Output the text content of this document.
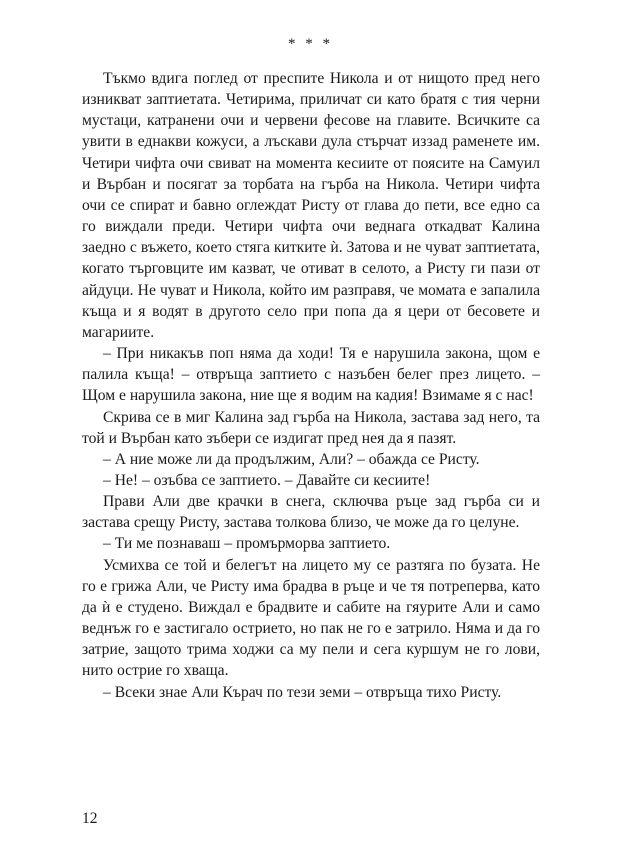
* * *

Тъкмо вдига поглед от преспите Никола и от нищото пред него изникват заптиетата. Четирима, приличат си като братя с тия черни мустаци, катранени очи и червени фесове на главите. Всичките са увити в еднакви кожуси, а лъскави дула стърчат иззад раменете им. Четири чифта очи свиват на момента кесиите от поясите на Самуил и Върбан и посягат за торбата на гърба на Никола. Четири чифта очи се спират и бавно оглеждат Ристу от глава до пети, все едно са го виждали преди. Четири чифта очи веднага откадват Калина заедно с въжето, което стяга китките ѝ. Затова и не чуват заптиетата, когато търговците им казват, че отиват в селото, а Ристу ги пази от айдуци. Не чуват и Никола, който им разправя, че момата е запалила къща и я водят в другото село при попа да я цери от бесовете и магариите.

– При никакъв поп няма да ходи! Тя е нарушила закона, щом е палила къща! – отвръща заптието с назъбен белег през лицето. – Щом е нарушила закона, ние ще я водим на кадия! Взимаме я с нас!

Скрива се в миг Калина зад гърба на Никола, застава зад него, та той и Върбан като зъбери се издигат пред нея да я пазят.

– А ние може ли да продължим, Али? – обажда се Ристу.

– Не! – озъбва се заптието. – Давайте си кесиите!

Прави Али две крачки в снега, сключва ръце зад гърба си и застава срещу Ристу, застава толкова близо, че може да го целуне.

– Ти ме познаваш – промърморва заптието.

Усмихва се той и белегът на лицето му се разтяга по бузата. Не го е грижа Али, че Ристу има брадва в ръце и че тя потреперва, като да ѝ е студено. Виждал е брадвите и сабите на гяурите Али и само веднъж го е застигало острието, но пак не го е затрило. Няма и да го затрие, защото трима ходжи са му пели и сега куршум не го лови, нито острие го хваща.

– Всеки знае Али Кърач по тези земи – отвръща тихо Ристу.

12
